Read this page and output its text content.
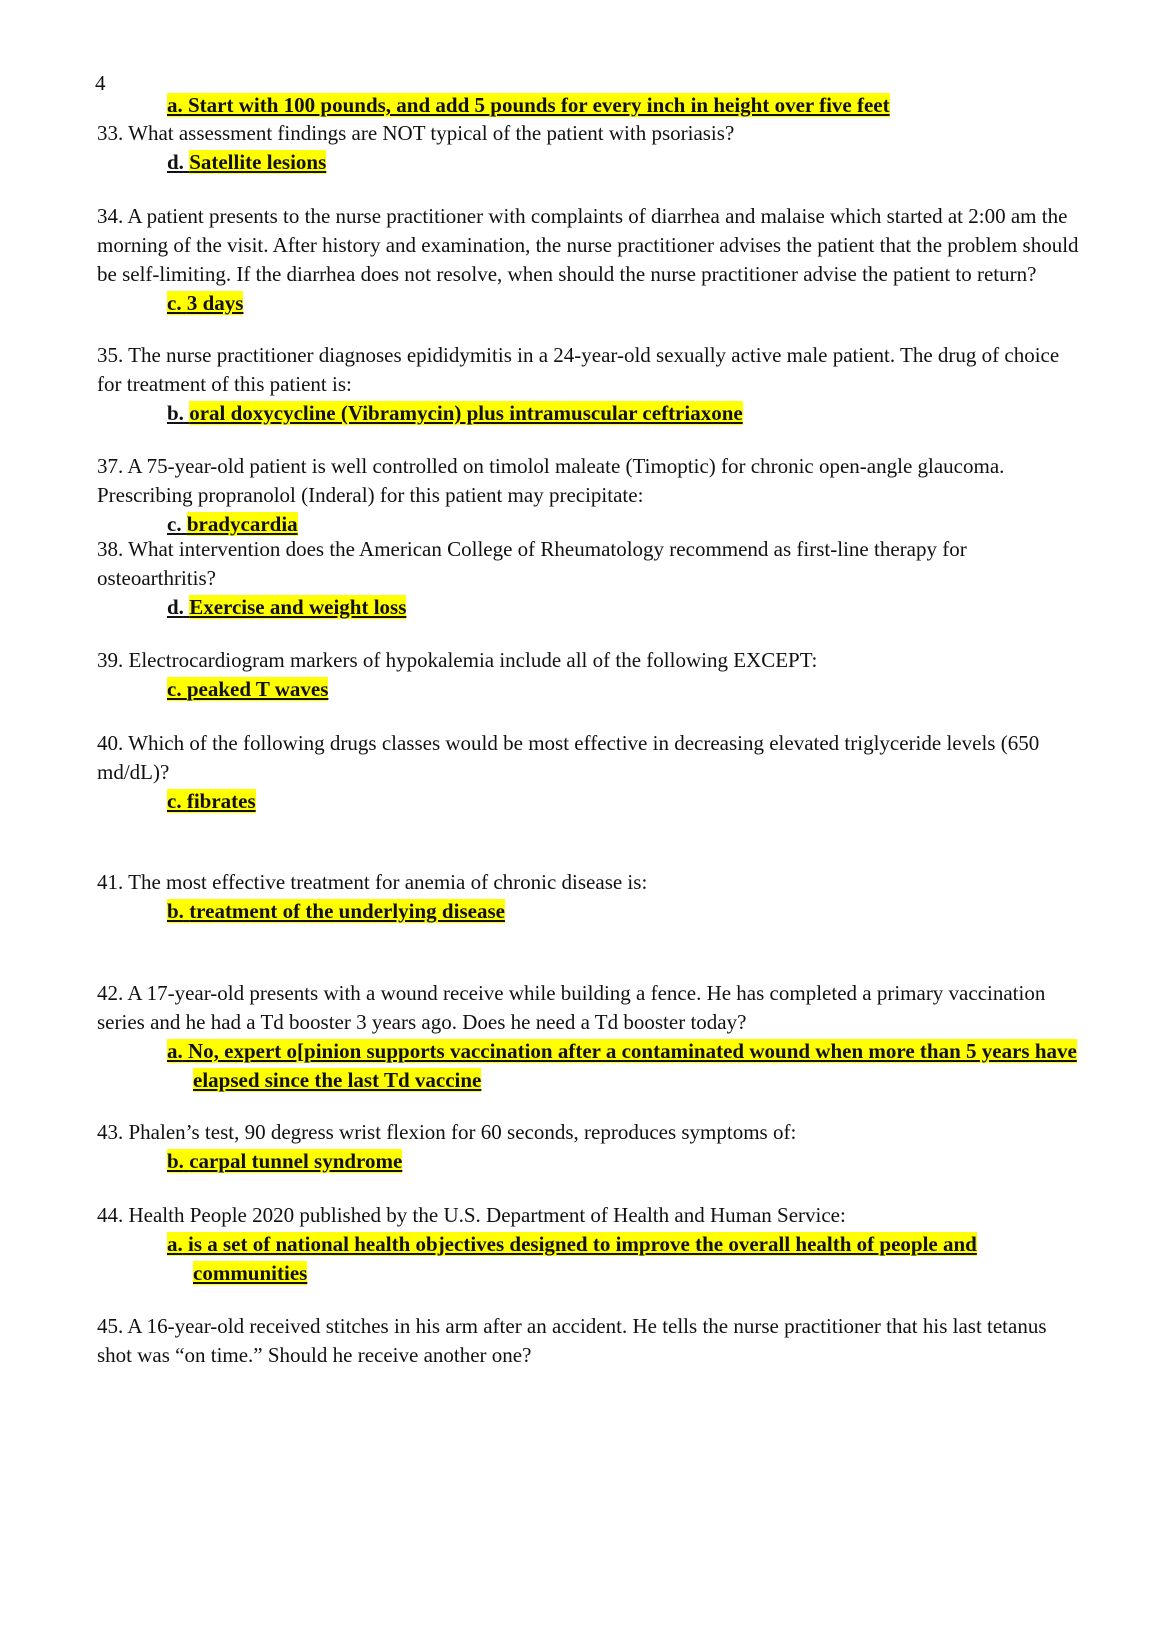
4

a. Start with 100 pounds, and add 5 pounds for every inch in height over five feet

33. What assessment findings are NOT typical of the patient with psoriasis?

d. Satellite lesions

34. A patient presents to the nurse practitioner with complaints of diarrhea and malaise which started at 2:00 am the morning of the visit. After history and examination, the nurse practitioner advises the patient that the problem should be self-limiting. If the diarrhea does not resolve, when should the nurse practitioner advise the patient to return?

c. 3 days

35. The nurse practitioner diagnoses epididymitis in a 24-year-old sexually active male patient. The drug of choice for treatment of this patient is:

b. oral doxycycline (Vibramycin) plus intramuscular ceftriaxone

37. A 75-year-old patient is well controlled on timolol maleate (Timoptic) for chronic open-angle glaucoma. Prescribing propranolol (Inderal) for this patient may precipitate:

c. bradycardia

38. What intervention does the American College of Rheumatology recommend as first-line therapy for osteoarthritis?

d. Exercise and weight loss

39. Electrocardiogram markers of hypokalemia include all of the following EXCEPT:

c. peaked T waves

40. Which of the following drugs classes would be most effective in decreasing elevated triglyceride levels (650 md/dL)?

c. fibrates

41. The most effective treatment for anemia of chronic disease is:

b. treatment of the underlying disease

42. A 17-year-old presents with a wound receive while building a fence. He has completed a primary vaccination series and he had a Td booster 3 years ago. Does he need a Td booster today?

a. No, expert o[pinion supports vaccination after a contaminated wound when more than 5 years have elapsed since the last Td vaccine

43. Phalen’s test, 90 degress wrist flexion for 60 seconds, reproduces symptoms of:

b. carpal tunnel syndrome

44. Health People 2020 published by the U.S. Department of Health and Human Service:

a. is a set of national health objectives designed to improve the overall health of people and communities

45. A 16-year-old received stitches in his arm after an accident. He tells the nurse practitioner that his last tetanus shot was “on time.” Should he receive another one?
